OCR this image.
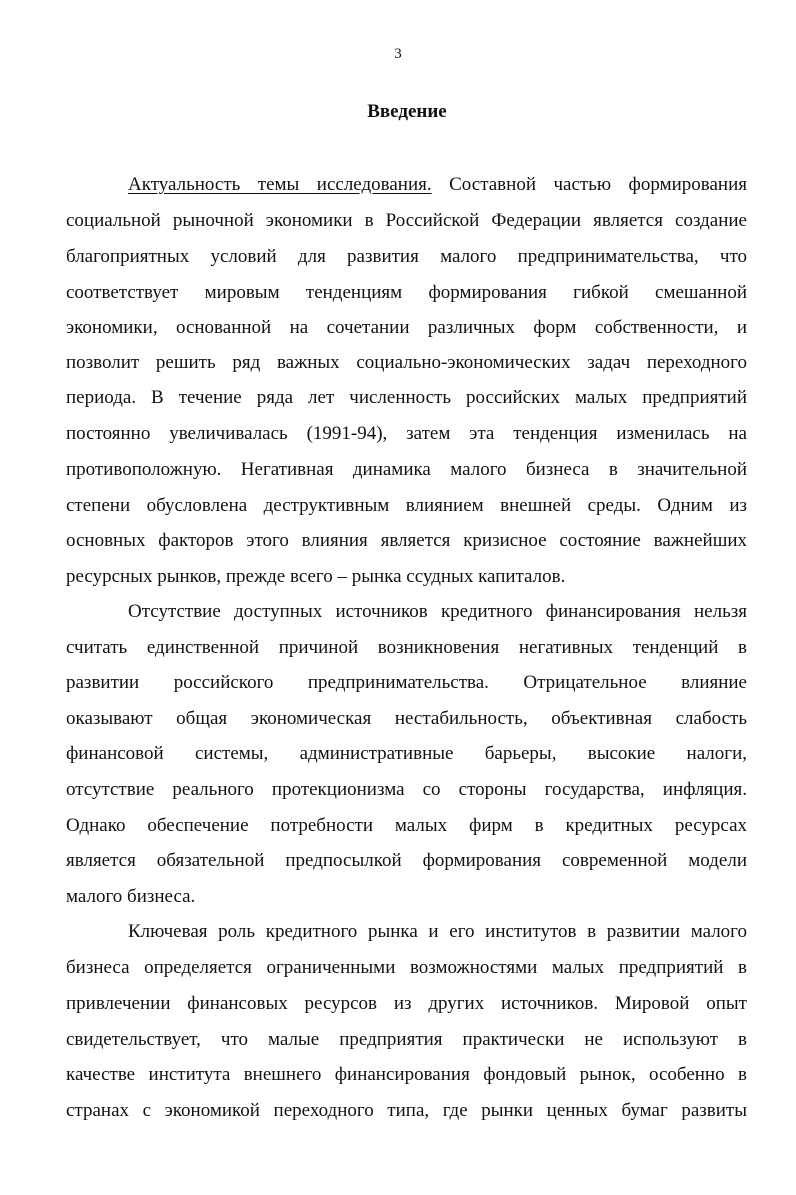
3
Введение
Актуальность темы исследования. Составной частью формирования
социальной рыночной экономики в Российской Федерации является создание
благоприятных условий для развития малого предпринимательства, что
соответствует мировым тенденциям формирования гибкой смешанной
экономики, основанной на сочетании различных форм собственности, и
позволит решить ряд важных социально-экономических задач переходного
периода. В течение ряда лет численность российских малых предприятий
постоянно увеличивалась (1991-94), затем эта тенденция изменилась на
противоположную. Негативная динамика малого бизнеса в значительной
степени обусловлена деструктивным влиянием внешней среды. Одним из
основных факторов этого влияния является кризисное состояние важнейших
ресурсных рынков, прежде всего – рынка ссудных капиталов.
Отсутствие доступных источников кредитного финансирования нельзя
считать единственной причиной возникновения негативных тенденций в
развитии российского предпринимательства. Отрицательное влияние
оказывают общая экономическая нестабильность, объективная слабость
финансовой системы, административные барьеры, высокие налоги,
отсутствие реального протекционизма со стороны государства, инфляция.
Однако обеспечение потребности малых фирм в кредитных ресурсах
является обязательной предпосылкой формирования современной модели
малого бизнеса.
Ключевая роль кредитного рынка и его институтов в развитии малого
бизнеса определяется ограниченными возможностями малых предприятий в
привлечении финансовых ресурсов из других источников. Мировой опыт
свидетельствует, что малые предприятия практически не используют в
качестве института внешнего финансирования фондовый рынок, особенно в
странах с экономикой переходного типа, где рынки ценных бумаг развиты
